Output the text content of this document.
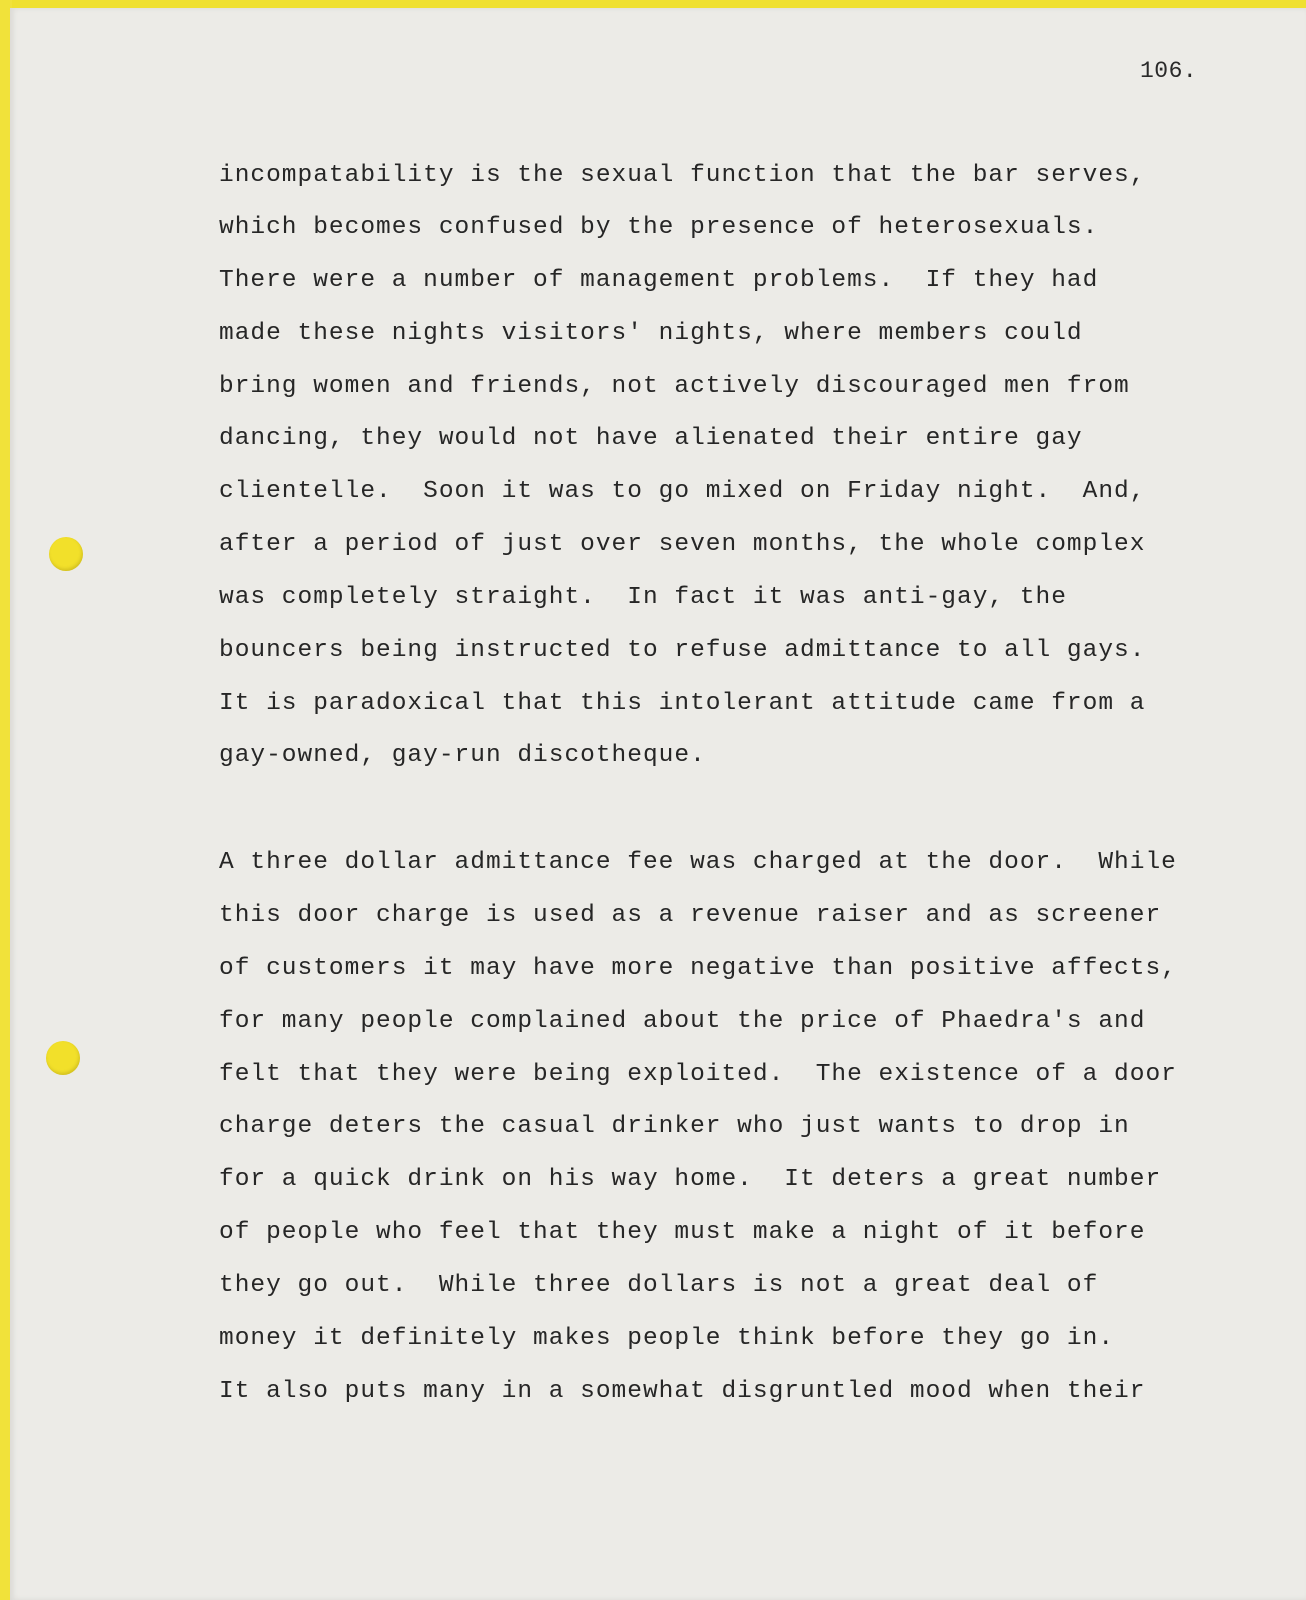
106.
incompatability is the sexual function that the bar serves,
which becomes confused by the presence of heterosexuals.
There were a number of management problems.  If they had
made these nights visitors' nights, where members could
bring women and friends, not actively discouraged men from
dancing, they would not have alienated their entire gay
clientelle.  Soon it was to go mixed on Friday night.  And,
after a period of just over seven months, the whole complex
was completely straight.  In fact it was anti-gay, the
bouncers being instructed to refuse admittance to all gays.
It is paradoxical that this intolerant attitude came from a
gay-owned, gay-run discotheque.
A three dollar admittance fee was charged at the door.  While
this door charge is used as a revenue raiser and as screener
of customers it may have more negative than positive affects,
for many people complained about the price of Phaedra's and
felt that they were being exploited.  The existence of a door
charge deters the casual drinker who just wants to drop in
for a quick drink on his way home.  It deters a great number
of people who feel that they must make a night of it before
they go out.  While three dollars is not a great deal of
money it definitely makes people think before they go in.
It also puts many in a somewhat disgruntled mood when their
